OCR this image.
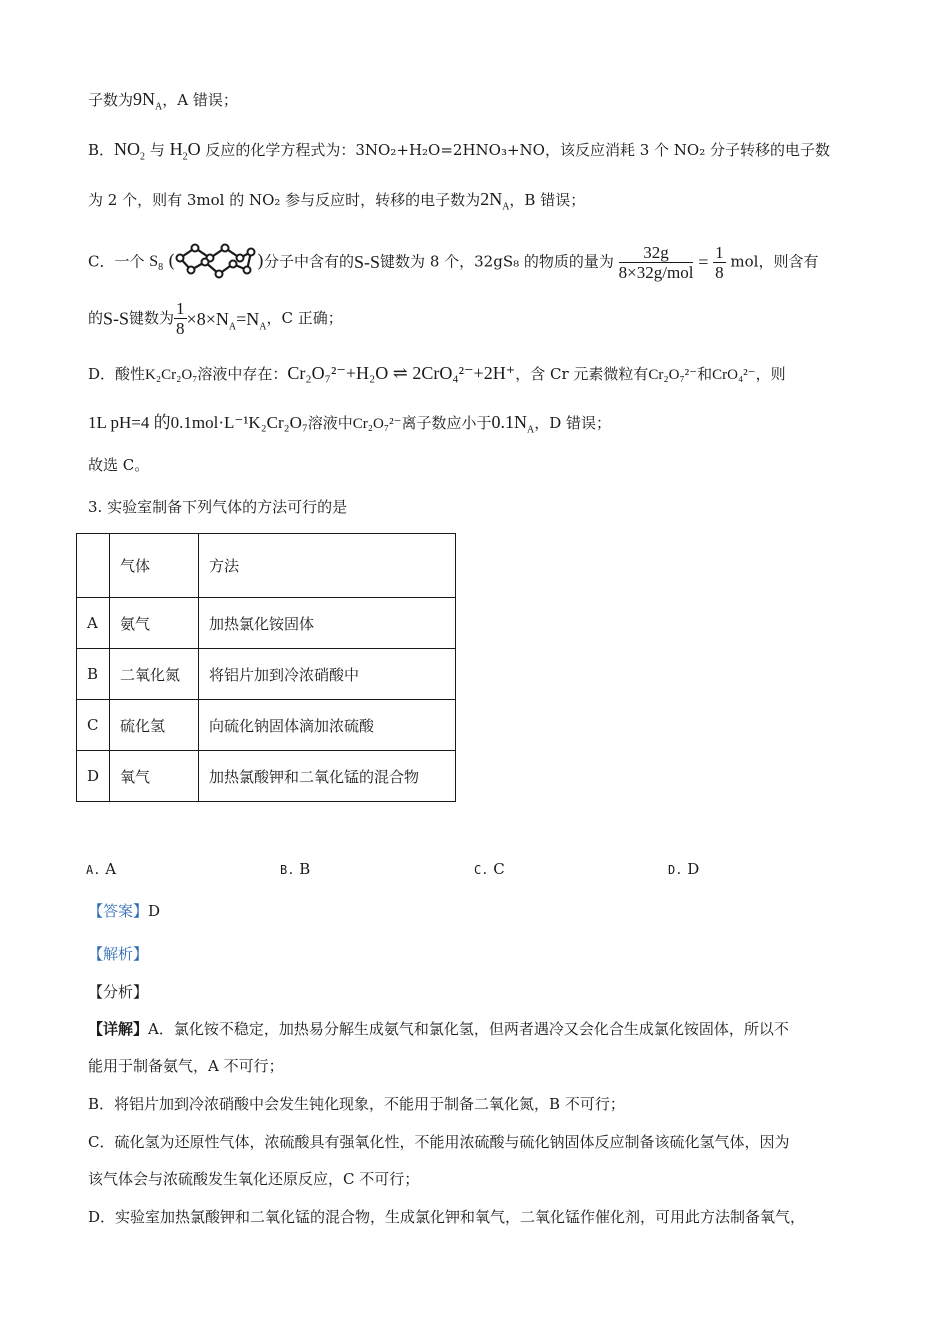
子数为$9N_A$，A 错误；
B．$NO_2$ 与 $H_2O$ 反应的化学方程式为：3NO₂+H₂O=2HNO₃+NO，该反应消耗 3 个 NO₂ 分子转移的电子数
为 2 个，则有 3mol 的 NO₂ 参与反应时，转移的电子数为$2N_A$，B 错误；
C．一个 $S_8$ (	)分子中含有的S-S键数为 8 个，32gS₈ 的物质的量为 $\frac{32g}{\text{8×32g/mol}} = \frac{1}{8}$ mol，则含有
的S-S键数为 $\frac{1}{8} \times 8\times N_A=N_A$，C 正确；
D．酸性K₂Cr₂O₇溶液中存在：Cr₂O₇²⁻+H₂O ⇌ 2CrO₄²⁻+2H⁺，含 Cr 元素微粒有Cr₂O₇²⁻和CrO₄²⁻，则
1L pH=4 的0.1mol·L⁻¹K₂Cr₂O₇溶液中Cr₂O₇²⁻离子数应小于$0.1N_A$，D 错误；
故选 C。
3. 实验室制备下列气体的方法可行的是
	气体	方法
A	氨气	加热氯化铵固体
B	二氧化氮	将铝片加到冷浓硝酸中
C	硫化氢	向硫化钠固体滴加浓硫酸
D	氧气	加热氯酸钾和二氧化锰的混合物
A. A	B. B	C. C	D. D
【答案】D
【解析】
【分析】
【详解】A．氯化铵不稳定，加热易分解生成氨气和氯化氢，但两者遇冷又会化合生成氯化铵固体，所以不
能用于制备氨气，A 不可行；
B．将铝片加到冷浓硝酸中会发生钝化现象，不能用于制备二氧化氮，B 不可行；
C．硫化氢为还原性气体，浓硫酸具有强氧化性，不能用浓硫酸与硫化钠固体反应制备该硫化氢气体，因为
该气体会与浓硫酸发生氧化还原反应，C 不可行；
D．实验室加热氯酸钾和二氧化锰的混合物，生成氯化钾和氧气，二氧化锰作催化剂，可用此方法制备氧气，
